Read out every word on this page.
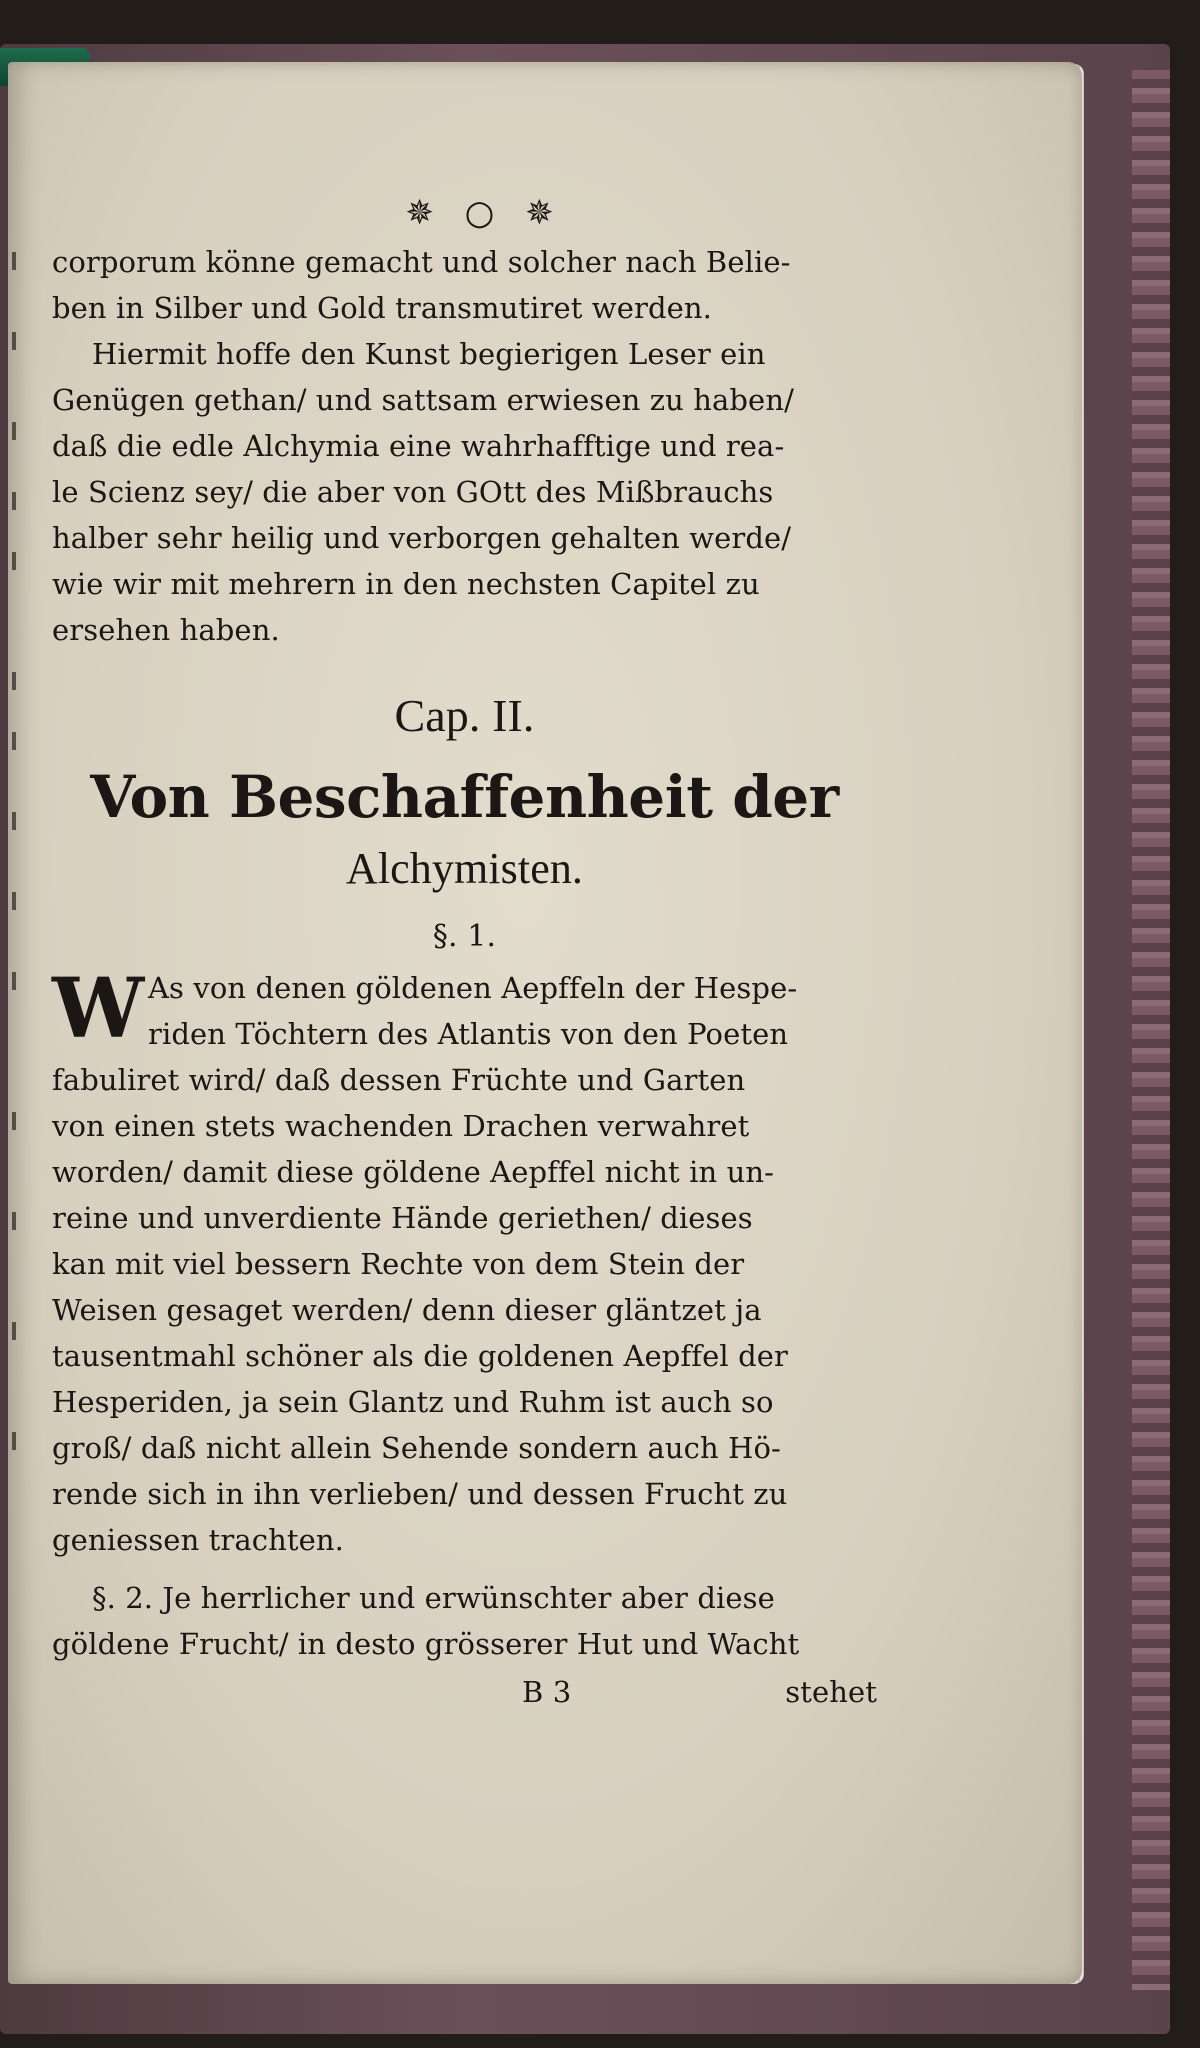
✵ ○ ✵
corporum könne gemacht und solcher nach Belie-
ben in Silber und Gold transmutiret werden.
Hiermit hoffe den Kunst begierigen Leser ein
Genügen gethan/ und sattsam erwiesen zu haben/
daß die edle Alchymia eine wahrhafftige und rea-
le Scienz sey/ die aber von GOtt des Mißbrauchs
halber sehr heilig und verborgen gehalten werde/
wie wir mit mehrern in den nechsten Capitel zu
ersehen haben.
Cap. II.
Von Beschaffenheit der
Alchymisten.
§. 1.
W As von denen göldenen Aepffeln der Hespe-
riden Töchtern des Atlantis von den Poeten
fabuliret wird/ daß dessen Früchte und Garten
von einen stets wachenden Drachen verwahret
worden/ damit diese göldene Aepffel nicht in un-
reine und unverdiente Hände geriethen/ dieses
kan mit viel bessern Rechte von dem Stein der
Weisen gesaget werden/ denn dieser gläntzet ja
tausentmahl schöner als die goldenen Aepffel der
Hesperiden, ja sein Glantz und Ruhm ist auch so
groß/ daß nicht allein Sehende sondern auch Hö-
rende sich in ihn verlieben/ und dessen Frucht zu
geniessen trachten.
§. 2. Je herrlicher und erwünschter aber diese
göldene Frucht/ in desto grösserer Hut und Wacht
B 3	stehet
